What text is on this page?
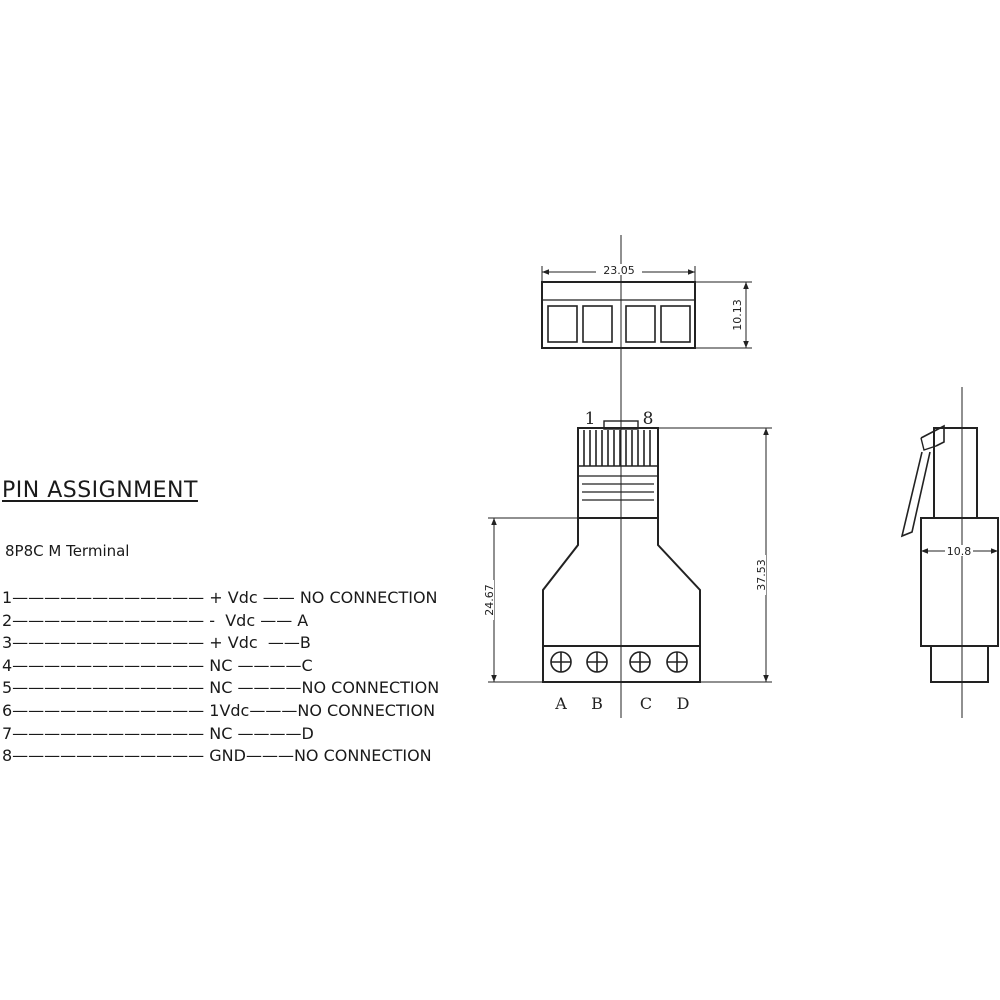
PIN ASSIGNMENT
8P8C M Terminal
1———————————— + Vdc —— NO CONNECTION
2———————————— -  Vdc —— A
3———————————— + Vdc  ——B
4———————————— NC ————C
5———————————— NC ————NO CONNECTION
6———————————— 1Vdc———NO CONNECTION
7———————————— NC ————D
8———————————— GND———NO CONNECTION
23.05
10.13
1	8
A B C D
24.67
37.53
10.8
